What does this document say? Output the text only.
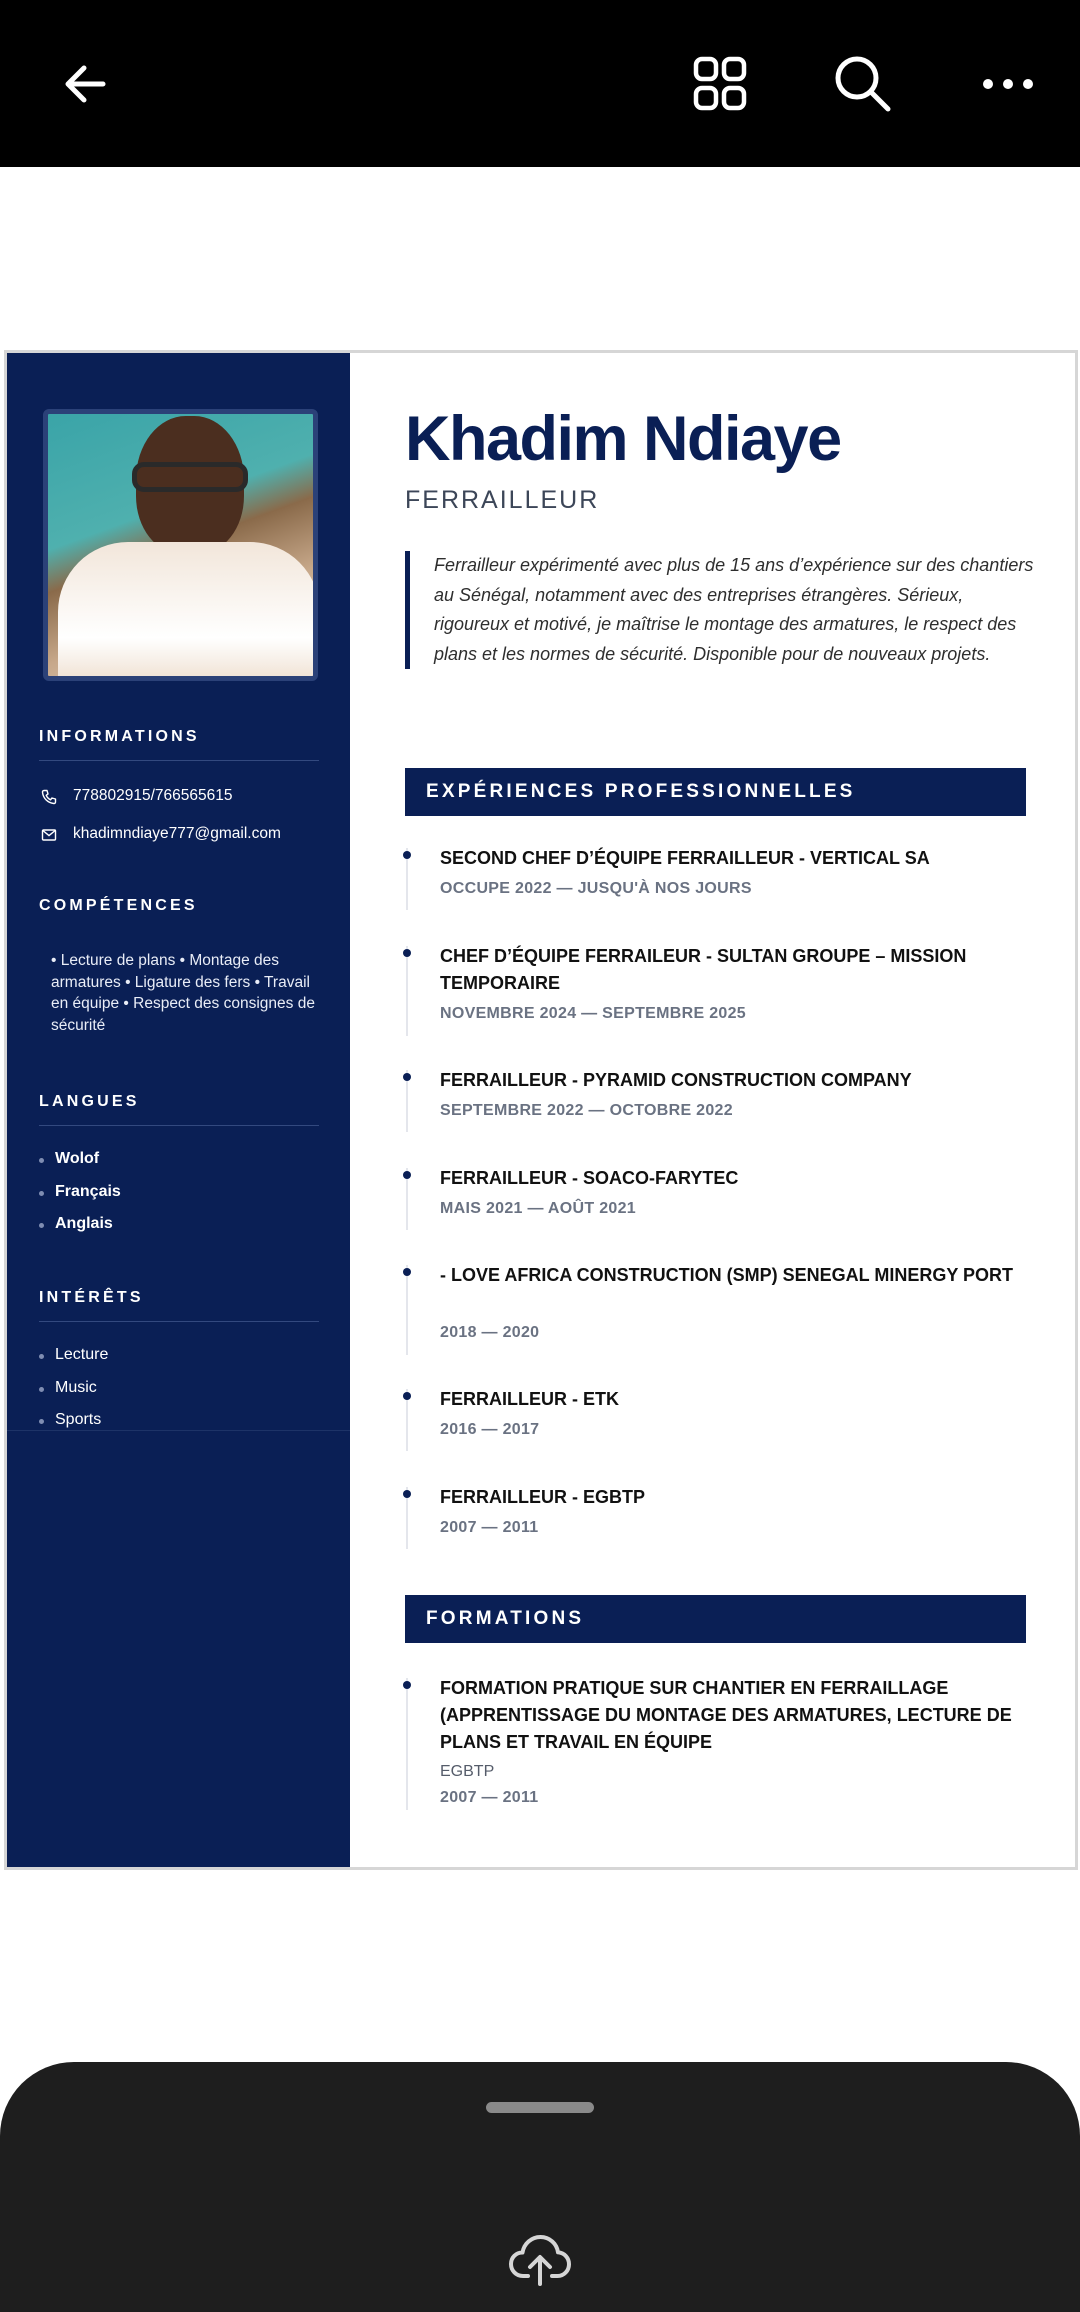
INFORMATIONS
778802915/766565615
khadimndiaye777@gmail.com
COMPÉTENCES
• Lecture de plans • Montage des armatures • Ligature des fers • Travail en équipe • Respect des consignes de sécurité
LANGUES
Wolof
Français
Anglais
INTÉRÊTS
Lecture
Music
Sports
Khadim Ndiaye
FERRAILLEUR
Ferrailleur expérimenté avec plus de 15 ans d’expérience sur des chantiers au Sénégal, notamment avec des entreprises étrangères. Sérieux, rigoureux et motivé, je maîtrise le montage des armatures, le respect des plans et les normes de sécurité. Disponible pour de nouveaux projets.
EXPÉRIENCES PROFESSIONNELLES
SECOND CHEF D’ÉQUIPE FERRAILLEUR - VERTICAL SA
OCCUPE 2022 — JUSQU'À NOS JOURS
CHEF D’ÉQUIPE FERRAILEUR - SULTAN GROUPE – MISSION TEMPORAIRE
NOVEMBRE 2024 — SEPTEMBRE 2025
FERRAILLEUR - PYRAMID CONSTRUCTION COMPANY
SEPTEMBRE 2022 — OCTOBRE 2022
FERRAILLEUR - SOACO-FARYTEC
MAIS 2021 — AOÛT 2021
- LOVE AFRICA CONSTRUCTION (SMP) SENEGAL MINERGY PORT
2018 — 2020
FERRAILLEUR - ETK
2016 — 2017
FERRAILLEUR - EGBTP
2007 — 2011
FORMATIONS
FORMATION PRATIQUE SUR CHANTIER EN FERRAILLAGE (APPRENTISSAGE DU MONTAGE DES ARMATURES, LECTURE DE PLANS ET TRAVAIL EN ÉQUIPE
EGBTP
2007 — 2011
